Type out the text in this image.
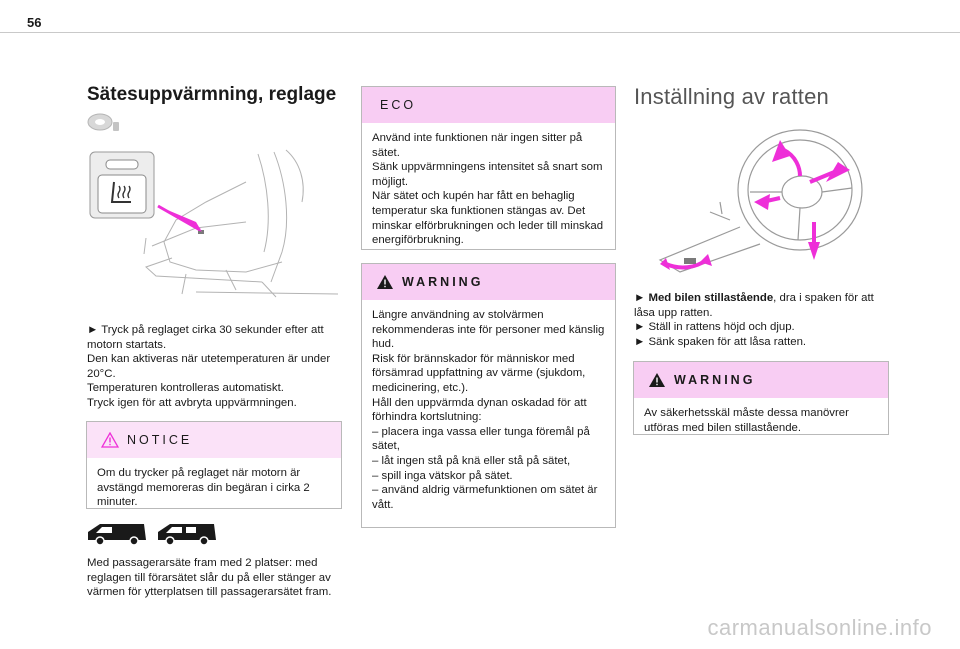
56
Sätesuppvärmning, reglage

► Tryck på reglaget cirka 30 sekunder efter att motorn startats.

Den kan aktiveras när utetemperaturen är under 20°C.

Temperaturen kontrolleras automatiskt.

Tryck igen för att avbryta uppvärmningen.

NOTICE
Om du trycker på reglaget när motorn är avstängd memoreras din begäran i cirka 2 minuter.
Med passagerarsäte fram med 2 platser: med reglagen till förarsätet slår du på eller stänger av värmen för ytterplatsen till passagerarsätet fram.
ECO

Använd inte funktionen när ingen sitter på sätet.

Sänk uppvärmningens intensitet så snart som möjligt.

När sätet och kupén har fått en behaglig temperatur ska funktionen stängas av. Det minskar elförbrukningen och leder till minskad energiförbrukning.

WARNING

Längre användning av stolvärmen rekommenderas inte för personer med känslig hud.

Risk för brännskador för människor med försämrad uppfattning av värme (sjukdom, medicinering, etc.).

Håll den uppvärmda dynan oskadad för att förhindra kortslutning:

– placera inga vassa eller tunga föremål på sätet,

– låt ingen stå på knä eller stå på sätet,

– spill inga vätskor på sätet.

– använd aldrig värmefunktionen om sätet är vått.

Inställning av ratten

► Med bilen stillastående, dra i spaken för att låsa upp ratten.

► Ställ in rattens höjd och djup.

► Sänk spaken för att låsa ratten.

WARNING
Av säkerhetsskäl måste dessa manövrer utföras med bilen stillastående.
carmanualsonline.info
